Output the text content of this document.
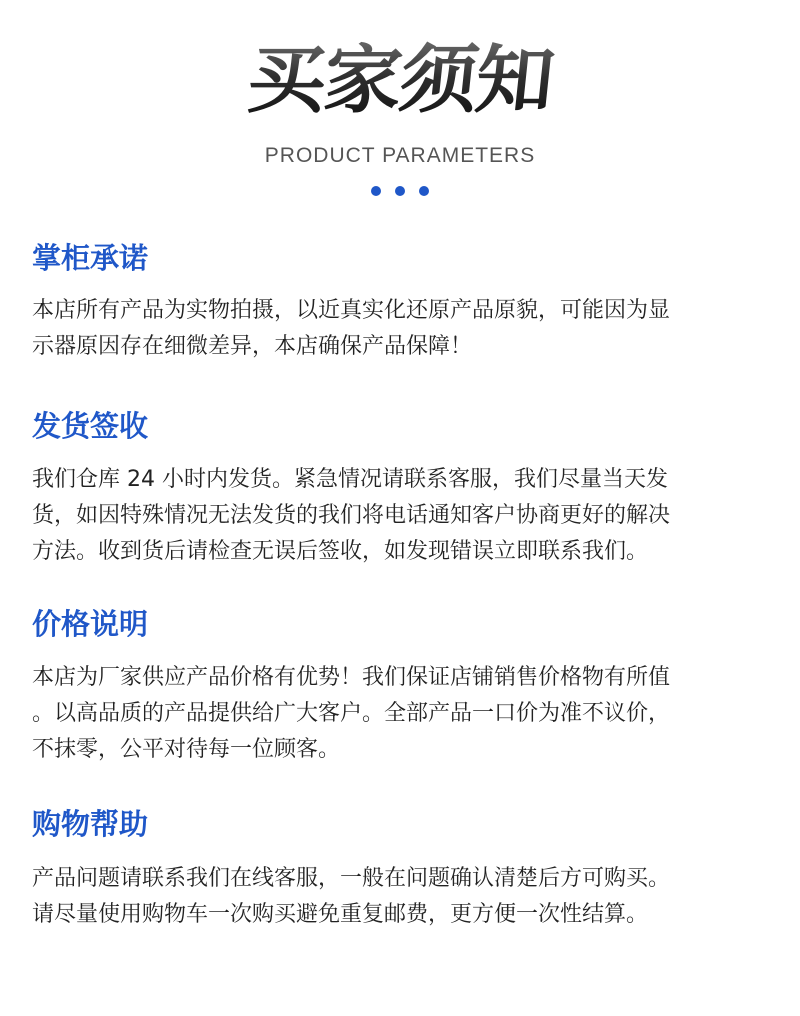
买家须知
PRODUCT PARAMETERS
掌柜承诺
本店所有产品为实物拍摄，以近真实化还原产品原貌，可能因为显
示器原因存在细微差异，本店确保产品保障！
发货签收
我们仓库 24 小时内发货。紧急情况请联系客服，我们尽量当天发
货，如因特殊情况无法发货的我们将电话通知客户协商更好的解决
方法。收到货后请检查无误后签收，如发现错误立即联系我们。
价格说明
本店为厂家供应产品价格有优势！我们保证店铺销售价格物有所值
。以高品质的产品提供给广大客户。全部产品一口价为准不议价，
不抹零，公平对待每一位顾客。
购物帮助
产品问题请联系我们在线客服，一般在问题确认清楚后方可购买。
请尽量使用购物车一次购买避免重复邮费，更方便一次性结算。
